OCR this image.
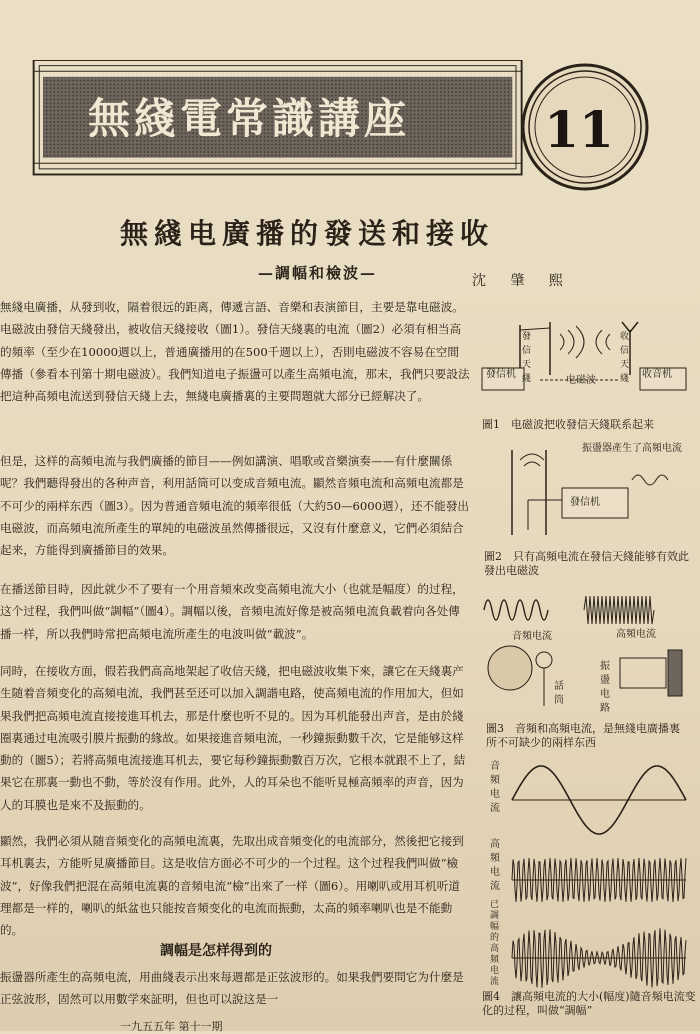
無綫電常識講座	11
無綫电廣播的發送和接收
—調幅和檢波—	沈 肇 熙

無綫电廣播，从發到收，隔着很远的距离，傳遞言語、音樂和表演節目，主要是靠电磁波。电磁波由發信天綫發出，被收信天綫接收（圖1）。發信天綫裏的电流（圖2）必須有相当高的頻率（至少在10000週以上，普通廣播用的在500千週以上），否則电磁波不容易在空間傳播（參看本刊第十期电磁波）。我們知道电子振盪可以產生高頻电流，那末，我們只要設法把這种高頻电流送到發信天綫上去，無綫电廣播裏的主要問題就大部分已經解决了。

但是，这样的高頻电流与我們廣播的節目——例如講演、唱歌或音樂演奏——有什麼關係呢？我們聽得發出的各种声音，利用話筒可以变成音頻电流。顯然音頻电流和高頻电流都是不可少的兩样东西（圖3）。因为普通音頻电流的頻率很低（大約50—6000週），还不能發出电磁波，而高頻电流所產生的單純的电磁波虽然傳播很远，又沒有什麼意义，它們必須結合起来，方能得到廣播節目的效果。

在播送節目時，因此就少不了要有一个用音頻來改变高頻电流大小（也就是幅度）的过程，这个过程，我們叫做“調幅”（圖4）。調幅以後，音頻电流好像是被高頻电流負載着向各处傳播一样，所以我們時常把高頻电流所產生的电波叫做“載波”。

同時，在接收方面，假若我們高高地架起了收信天綫，把电磁波收集下來，讓它在天綫裏产生随着音頻变化的高頻电流，我們甚至还可以加入調諧电路，使高頻电流的作用加大，但如果我們把高頻电流直接接進耳机去，那是什麼也听不見的。因为耳机能發出声音，是由於綫圈裏通过电流吸引膜片振動的緣故。如果接進音頻电流，一秒鐘振動數千次，它是能够这样動的（圖5）；若將高頻电流接進耳机去，要它每秒鐘振動數百万次，它根本就跟不上了，結果它在那裏一動也不動，等於沒有作用。此外，人的耳朵也不能听見極高頻率的声音，因为人的耳膜也是來不及振動的。

顯然，我們必須从随音頻变化的高頻电流裏，先取出成音頻变化的电流部分，然後把它接到耳机裏去，方能听見廣播節目。这是收信方面必不可少的一个过程。这个过程我們叫做“檢波”，好像我們把混在高頻电流裏的音頻电流“檢”出來了一样（圖6）。用喇叭或用耳机听道理都是一样的，喇叭的紙盆也只能按音頻变化的电流而振動，太高的頻率喇叭也是不能動的。

調幅是怎样得到的

振盪器所產生的高頻电流，用曲綫表示出來每週都是正弦波形的。如果我們要問它为什麼是正弦波形，固然可以用數学來証明，但也可以說这是一

發信机
电磁波
收音机
發信天綫
收信天綫
圖1　电磁波把收發信天綫联系起来
振盪器產生了高頻电流
發信机
圖2　只有高頻电流在發信天綫能够有效此發出电磁波
音頻电流	高頻电流
話筒
振盪电路
圖3　音頻和高頻电流，是無綫电廣播裏所不可缺少的兩样东西
音頻电流
高頻电流
已調幅的高頻电流
圖4　讓高頻电流的大小(幅度)隨音頻电流变化的过程，叫做“調幅”
一九五五年 第十一期
